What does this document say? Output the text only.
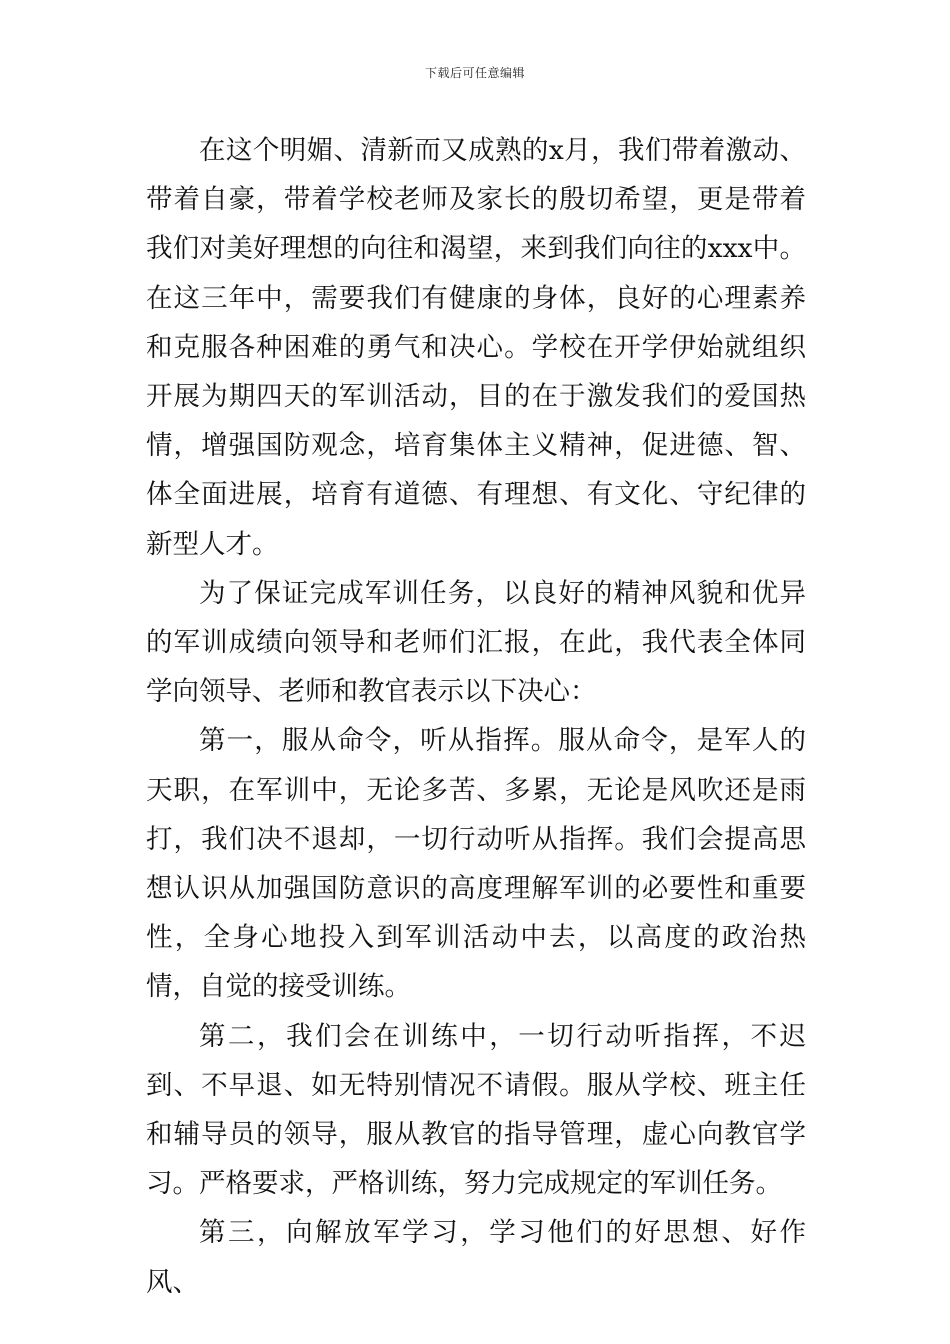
下载后可任意编辑

在这个明媚、清新而又成熟的x月，我们带着激动、带着自豪，带着学校老师及家长的殷切希望，更是带着我们对美好理想的向往和渴望，来到我们向往的xxx中。在这三年中，需要我们有健康的身体，良好的心理素养和克服各种困难的勇气和决心。学校在开学伊始就组织开展为期四天的军训活动，目的在于激发我们的爱国热情，增强国防观念，培育集体主义精神，促进德、智、体全面进展，培育有道德、有理想、有文化、守纪律的新型人才。

为了保证完成军训任务，以良好的精神风貌和优异的军训成绩向领导和老师们汇报，在此，我代表全体同学向领导、老师和教官表示以下决心：

第一，服从命令，听从指挥。服从命令，是军人的天职，在军训中，无论多苦、多累，无论是风吹还是雨打，我们决不退却，一切行动听从指挥。我们会提高思想认识从加强国防意识的高度理解军训的必要性和重要性，全身心地投入到军训活动中去，以高度的政治热情，自觉的接受训练。

第二，我们会在训练中，一切行动听指挥，不迟到、不早退、如无特别情况不请假。服从学校、班主任和辅导员的领导，服从教官的指导管理，虚心向教官学习。严格要求，严格训练，努力完成规定的军训任务。

第三，向解放军学习，学习他们的好思想、好作风、
